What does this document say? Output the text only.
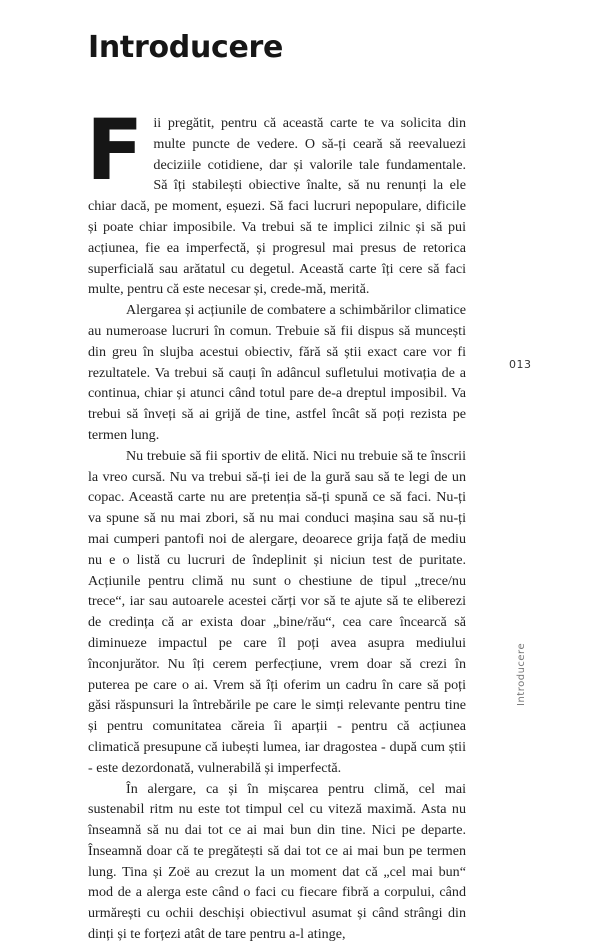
Introducere

Fii pregătit, pentru că această carte te va solicita din multe puncte de vedere. O să-ți ceară să reevaluezi deciziile cotidiene, dar și valorile tale fundamentale. Să îți stabilești obiective înalte, să nu renunți la ele chiar dacă, pe moment, eșuezi. Să faci lucruri nepopulare, dificile și poate chiar imposibile. Va trebui să te implici zilnic și să pui acțiunea, fie ea imperfectă, și progresul mai presus de retorica superficială sau arătatul cu degetul. Această carte îți cere să faci multe, pentru că este necesar și, crede-mă, merită.

Alergarea și acțiunile de combatere a schimbărilor climatice au numeroase lucruri în comun. Trebuie să fii dispus să muncești din greu în slujba acestui obiectiv, fără să știi exact care vor fi rezultatele. Va trebui să cauți în adâncul sufletului motivația de a continua, chiar și atunci când totul pare de-a dreptul imposibil. Va trebui să înveți să ai grijă de tine, astfel încât să poți rezista pe termen lung.

Nu trebuie să fii sportiv de elită. Nici nu trebuie să te înscrii la vreo cursă. Nu va trebui să-ți iei de la gură sau să te legi de un copac. Această carte nu are pretenția să-ți spună ce să faci. Nu-ți va spune să nu mai zbori, să nu mai conduci mașina sau să nu-ți mai cumperi pantofi noi de alergare, deoarece grija față de mediu nu e o listă cu lucruri de îndeplinit și niciun test de puritate. Acțiunile pentru climă nu sunt o chestiune de tipul „trece/nu trece“, iar sau autoarele acestei cărți vor să te ajute să te eliberezi de credința că ar exista doar „bine/rău“, cea care încearcă să diminueze impactul pe care îl poți avea asupra mediului înconjurător. Nu îți cerem perfecțiune, vrem doar să crezi în puterea pe care o ai. Vrem să îți oferim un cadru în care să poți găsi răspunsuri la întrebările pe care le simți relevante pentru tine și pentru comunitatea căreia îi aparții - pentru că acțiunea climatică presupune că iubești lumea, iar dragostea - după cum știi - este dezordonată, vulnerabilă și imperfectă.

În alergare, ca și în mișcarea pentru climă, cel mai sustenabil ritm nu este tot timpul cel cu viteză maximă. Asta nu înseamnă să nu dai tot ce ai mai bun din tine. Nici pe departe. Înseamnă doar că te pregătești să dai tot ce ai mai bun pe termen lung. Tina și Zoë au crezut la un moment dat că „cel mai bun“ mod de a alerga este când o faci cu fiecare fibră a corpului, când urmărești cu ochii deschiși obiectivul asumat și când strângi din dinți și te forțezi atât de tare pentru a-l atinge,

013
Introducere
